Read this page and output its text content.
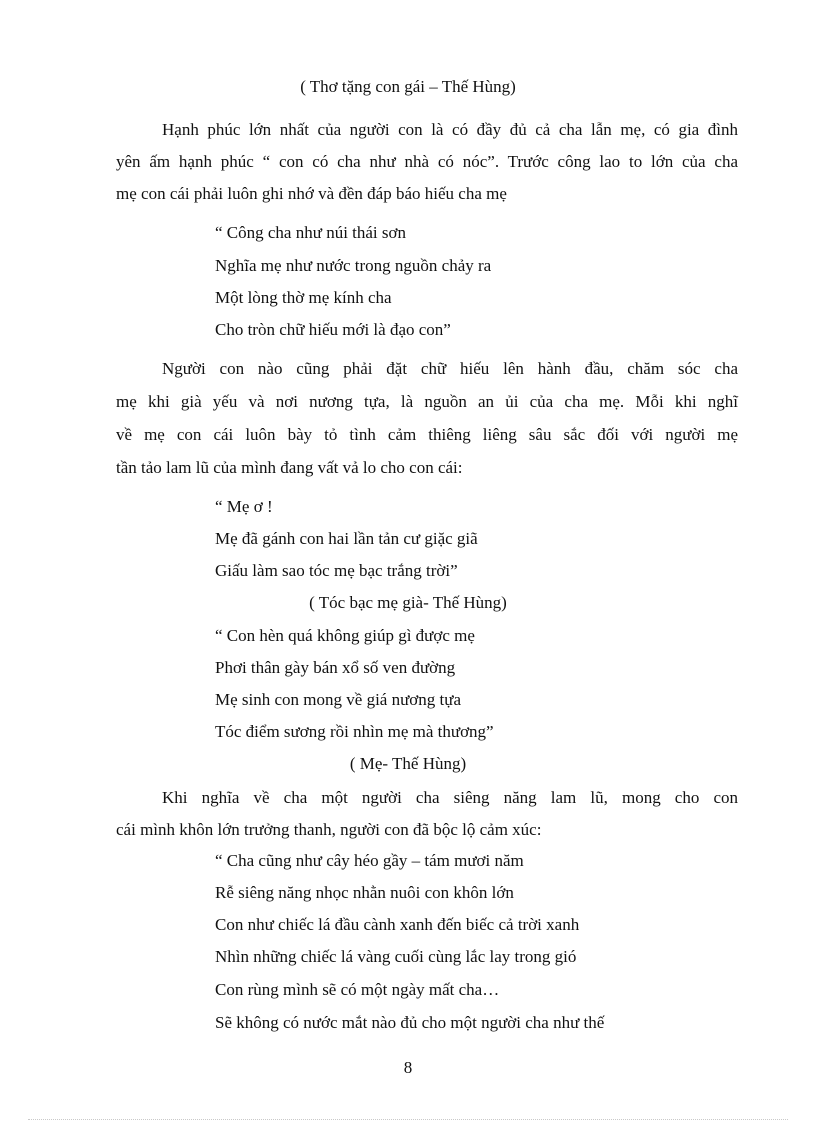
( Thơ tặng con gái – Thế Hùng)
Hạnh phúc lớn nhất của người con là có đầy đủ cả cha lẫn mẹ, có gia đình
yên ấm hạnh phúc “ con có cha như nhà có nóc”. Trước công lao to lớn của cha
mẹ con cái phải luôn ghi nhớ và đền đáp báo hiếu cha mẹ
“ Công cha như núi thái sơn
Nghĩa mẹ như nước trong nguồn chảy ra
Một lòng thờ mẹ kính cha
Cho tròn chữ hiếu mới là đạo con”
Người con nào cũng phải đặt chữ hiếu lên hành đầu, chăm sóc cha
mẹ khi già yếu và nơi nương tựa, là nguồn an ủi của cha mẹ. Mỗi khi nghĩ
về mẹ con cái luôn bày tỏ tình cảm thiêng liêng sâu sắc đối với người mẹ
tần tảo lam lũ của mình đang vất vả lo cho con cái:
“ Mẹ ơ !
Mẹ đã gánh con hai lần tản cư giặc giã
Giấu làm sao tóc mẹ bạc trắng trời”
( Tóc bạc mẹ già- Thế Hùng)
“ Con hèn quá không giúp gì được mẹ
Phơi thân gày bán xổ số ven đường
Mẹ sinh con mong về giá nương tựa
Tóc điểm sương rồi nhìn mẹ mà thương”
( Mẹ- Thế Hùng)
Khi nghĩa về cha một người cha siêng năng lam lũ, mong cho con
cái mình khôn lớn trưởng thanh, người con đã bộc lộ cảm xúc:
“ Cha cũng như cây héo gầy – tám mươi năm
Rễ siêng năng nhọc nhằn nuôi con khôn lớn
Con như chiếc lá đầu cành xanh đến biếc cả trời xanh
Nhìn những chiếc lá vàng cuối cùng lắc lay trong gió
Con rùng mình sẽ có một ngày mất cha…
Sẽ không có nước mắt nào đủ cho một người cha như thế
8
